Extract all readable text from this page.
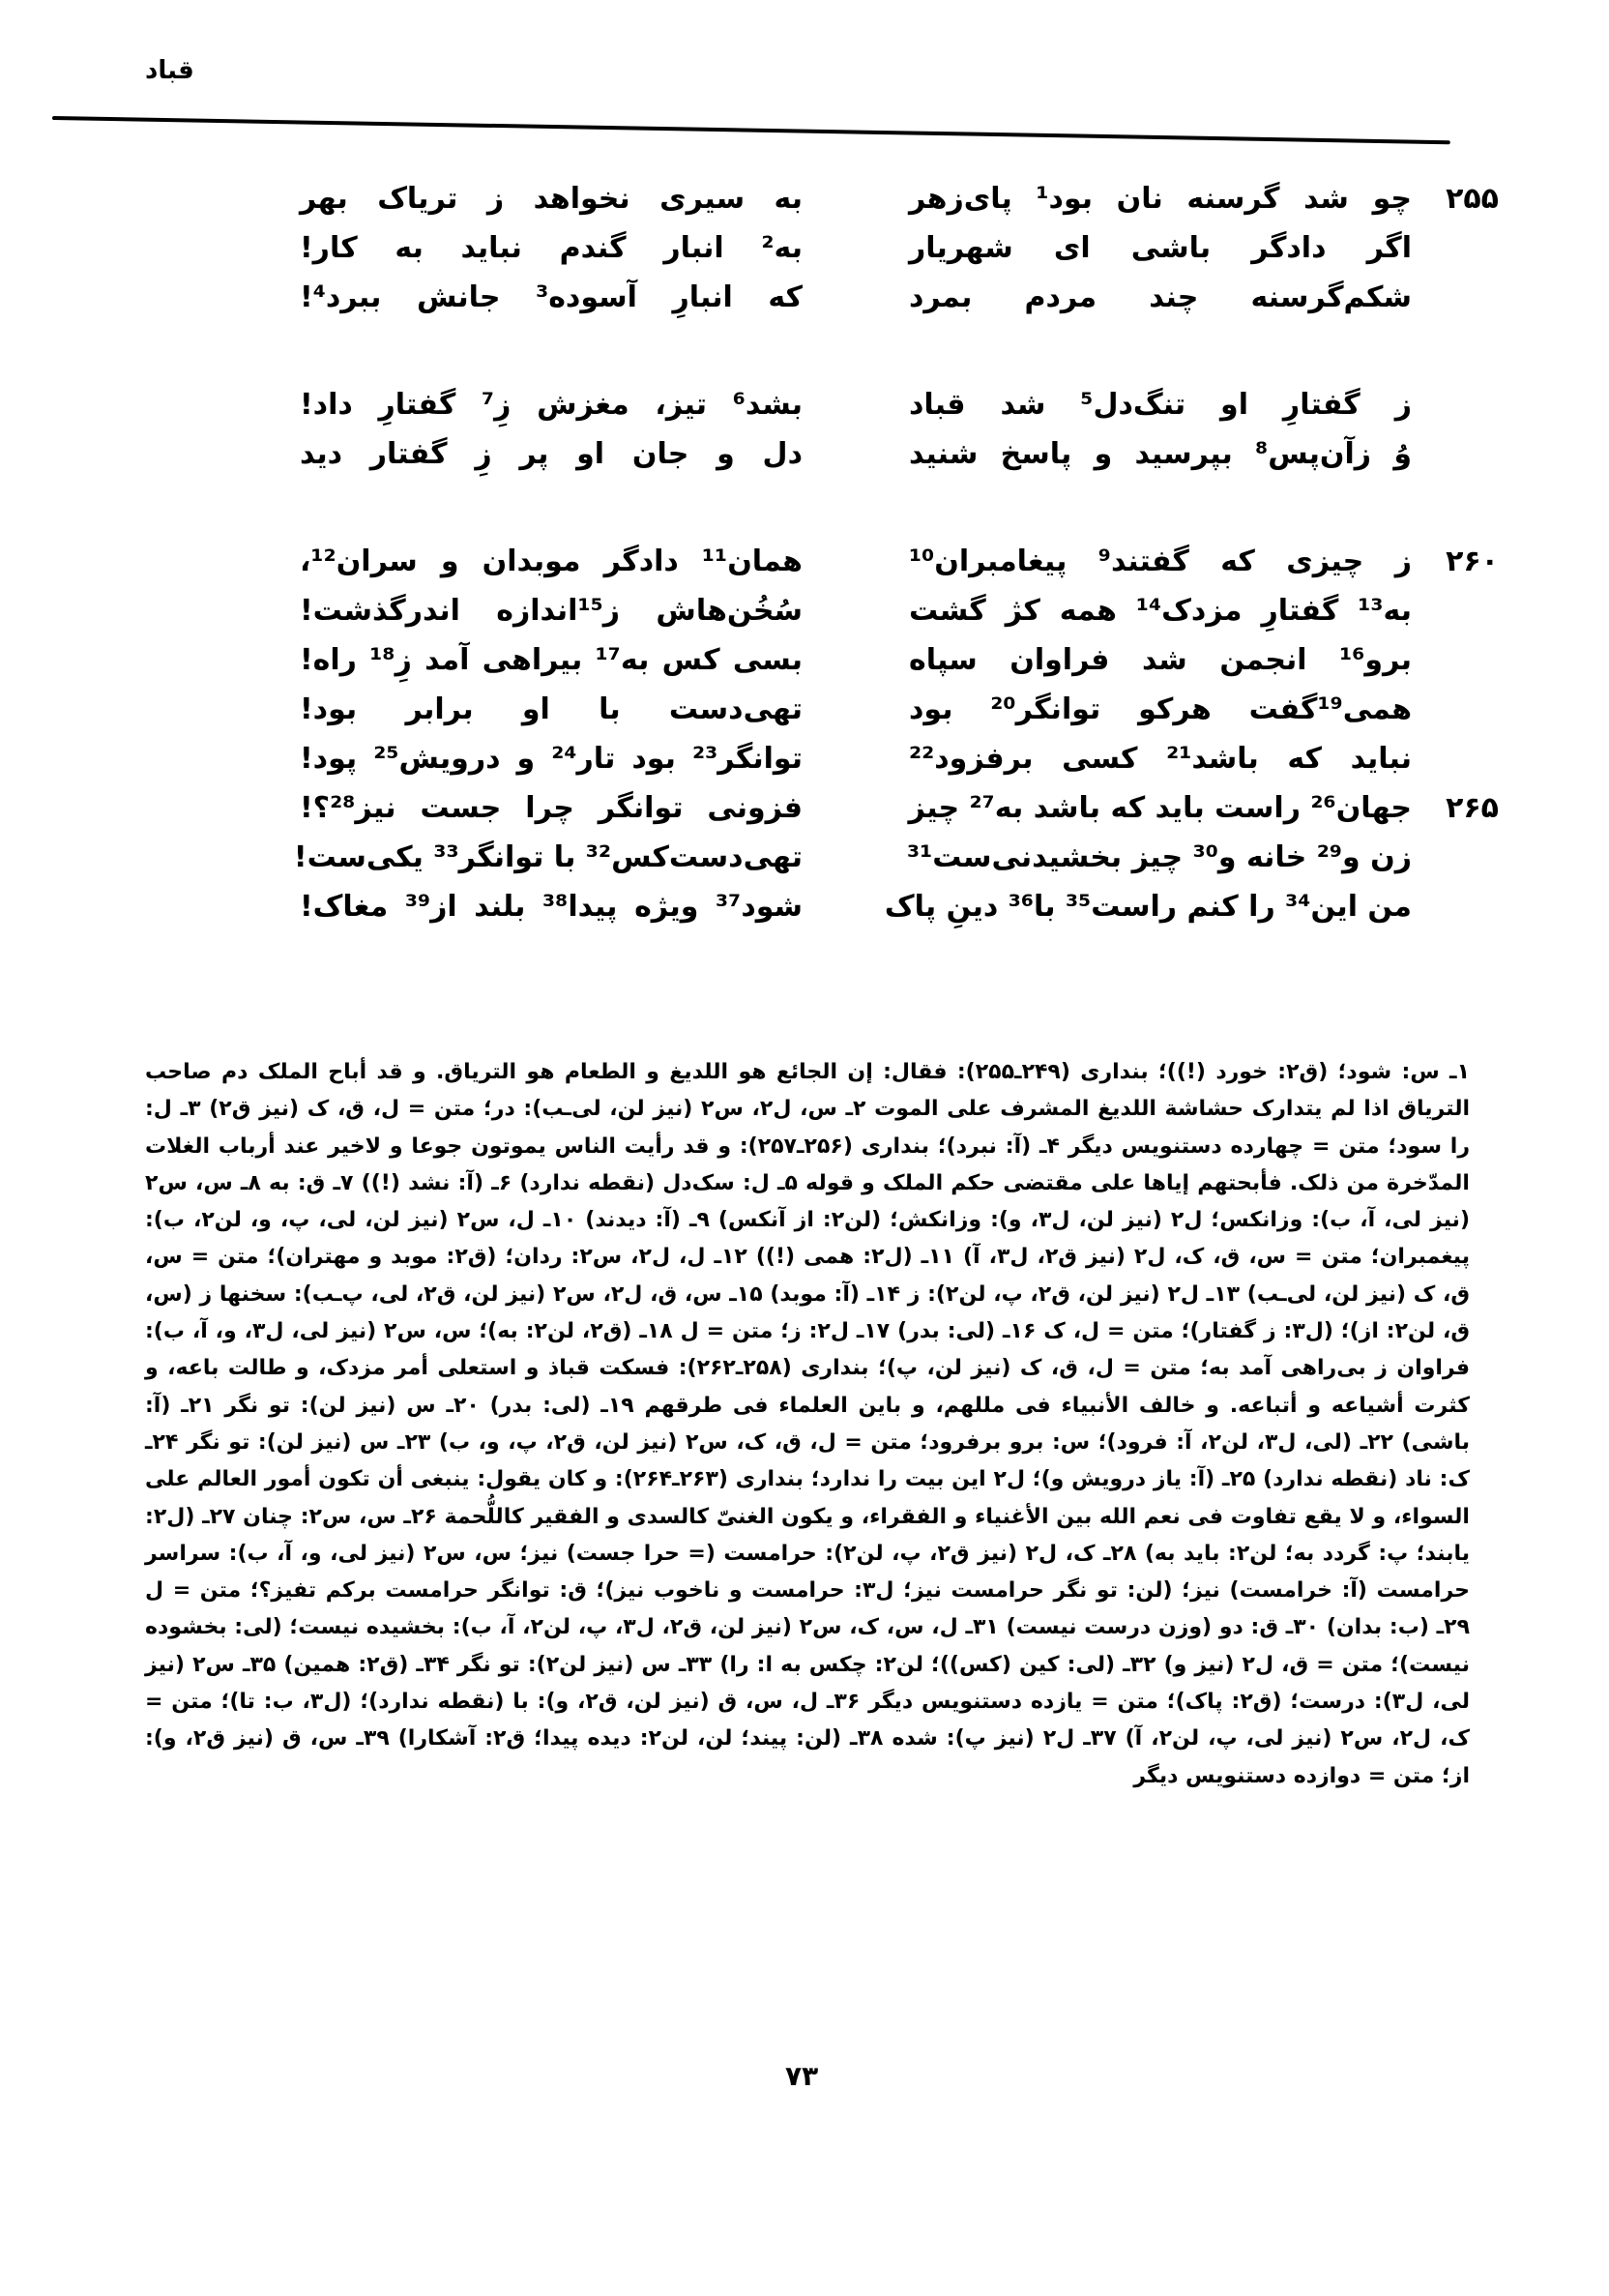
قباد
۲۵۵
چو شد گرسنه نان بود¹ پای‌زهر
به سیری نخواهد ز تریاک بهر
اگر دادگر باشی ای شهریار
به² انبار گندم نباید به کار!
شکم‌گرسنه چند مردم بمرد
که انبارِ آسوده³ جانش ببرد⁴!
ز گفتارِ او تنگ‌دل⁵ شد قباد
بشد⁶ تیز، مغزش زِ⁷ گفتارِ داد!
وُ زآن‌پس⁸ بپرسید و پاسخ شنید
دل و جان او پر زِ گفتار دید
۲۶۰
ز چیزی که گفتند⁹ پیغامبران¹⁰
همان¹¹ دادگر موبدان و سران¹²،
به¹³ گفتارِ مزدک¹⁴ همه کژ گشت
سُخُن‌هاش ز¹⁵اندازه اندرگذشت!
برو¹⁶ انجمن شد فراوان سپاه
بسی کس به¹⁷ بیراهی آمد زِ¹⁸ راه!
همی¹⁹گفت هرکو توانگر²⁰ بود
تهی‌دست با او برابر بود!
نباید که باشد²¹ کسی برفزود²²
توانگر²³ بود تار²⁴ و درویش²⁵ پود!
۲۶۵
جهان²⁶ راست باید که باشد به²⁷ چیز
فزونی توانگر چرا جست نیز²⁸؟!
زن و²⁹ خانه و³⁰ چیز بخشیدنی‌ست³¹
تهی‌دست‌کس³² با توانگر³³ یکی‌ست!
من این³⁴ را کنم راست³⁵ با³⁶ دینِ پاک
شود³⁷ ویژه پیدا³⁸ بلند از³⁹ مغاک!

۱ـ س: شود؛ (ق۲: خورد (!))؛ بنداری (۲۴۹ـ۲۵۵): فقال: إن الجائع هو اللديغ و الطعام هو التریاق. و قد أباح الملک دم صاحب التریاق اذا لم یتدارک حشاشة اللدیغ المشرف علی الموت ۲ـ س، ل۲، س۲ (نیز لن، لی‌ـب): در؛ متن = ل، ق، ک (نیز ق۲) ۳ـ ل: را سود؛ متن = چهارده دستنویس دیگر ۴ـ (آ: نبرد)؛ بنداری (۲۵۶ـ۲۵۷): و قد رأیت الناس یموتون جوعا و لاخیر عند أرباب الغلات المدّخرة من ذلک. فأبحتهم إیاها علی مقتضی حکم الملک و قوله ۵ـ ل: سک‌دل (نقطه ندارد) ۶ـ (آ: نشد (!)) ۷ـ ق: به ۸ـ س، س۲ (نیز لی، آ، ب): وزانکس؛ ل۲ (نیز لن، ل۳، و): وزانکش؛ (لن۲: از آنکس) ۹ـ (آ: دیدند) ۱۰ـ ل، س۲ (نیز لن، لی، پ، و، لن۲، ب): پیغمبران؛ متن = س، ق، ک، ل۲ (نیز ق۲، ل۳، آ) ۱۱ـ (ل۲: همی (!)) ۱۲ـ ل، ل۲، س۲: ردان؛ (ق۲: موبد و مهتران)؛ متن = س، ق، ک (نیز لن، لی‌ـب) ۱۳ـ ل۲ (نیز لن، ق۲، پ، لن۲): ز ۱۴ـ (آ: موبد) ۱۵ـ س، ق، ل۲، س۲ (نیز لن، ق۲، لی، پ‌ـب): سخنها ز (س، ق، لن۲: از)؛ (ل۳: ز گفتار)؛ متن = ل، ک ۱۶ـ (لی: بدر) ۱۷ـ ل۲: ز؛ متن = ل ۱۸ـ (ق۲، لن۲: به)؛ س، س۲ (نیز لی، ل۳، و، آ، ب): فراوان ز بی‌راهی آمد به؛ متن = ل، ق، ک (نیز لن، پ)؛ بنداری (۲۵۸ـ۲۶۲): فسکت قباذ و استعلی أمر مزدک، و طالت باعه، و کثرت أشیاعه و أتباعه. و خالف الأنبیاء فی مللهم، و باین العلماء فی طرقهم ۱۹ـ (لی: بدر) ۲۰ـ س (نیز لن): تو نگر ۲۱ـ (آ: باشی) ۲۲ـ (لی، ل۳، لن۲، آ: فرود)؛ س: برو برفرود؛ متن = ل، ق، ک، س۲ (نیز لن، ق۲، پ، و، ب) ۲۳ـ س (نیز لن): تو نگر ۲۴ـ ک: ناد (نقطه ندارد) ۲۵ـ (آ: یاز درویش و)؛ ل۲ این بیت را ندارد؛ بنداری (۲۶۳ـ۲۶۴): و کان یقول: ینبغی أن تکون أمور العالم علی السواء، و لا یقع تفاوت فی نعم الله بین الأغنیاء و الفقراء، و یکون الغنیّ کالسدی و الفقیر کاللُّحمة ۲۶ـ س، س۲: چنان ۲۷ـ (ل۲: یابند؛ پ: گردد به؛ لن۲: باید به) ۲۸ـ ک، ل۲ (نیز ق۲، پ، لن۲): حرامست (= حرا جست) نیز؛ س، س۲ (نیز لی، و، آ، ب): سراسر حرامست (آ: خرامست) نیز؛ (لن: تو نگر حرامست نیز؛ ل۳: حرامست و ناخوب نیز)؛ ق: توانگر حرامست برکم تفیز؟؛ متن = ل ۲۹ـ (ب: بدان) ۳۰ـ ق: دو (وزن درست نیست) ۳۱ـ ل، س، ک، س۲ (نیز لن، ق۲، ل۳، پ، لن۲، آ، ب): بخشیده نیست؛ (لی: بخشوده نیست)؛ متن = ق، ل۲ (نیز و) ۳۲ـ (لی: کین (کس))؛ لن۲: چکس به ا: را) ۳۳ـ س (نیز لن۲): تو نگر ۳۴ـ (ق۲: همین) ۳۵ـ س۲ (نیز لی، ل۳): درست؛ (ق۲: پاک)؛ متن = یازده دستنویس دیگر ۳۶ـ ل، س، ق (نیز لن، ق۲، و): با (نقطه ندارد)؛ (ل۳، ب: تا)؛ متن = ک، ل۲، س۲ (نیز لی، پ، لن۲، آ) ۳۷ـ ل۲ (نیز پ): شده ۳۸ـ (لن: پیند؛ لن، لن۲: دیده پیدا؛ ق۲: آشکارا) ۳۹ـ س، ق (نیز ق۲، و): از؛ متن = دوازده دستنویس دیگر

۷۳
